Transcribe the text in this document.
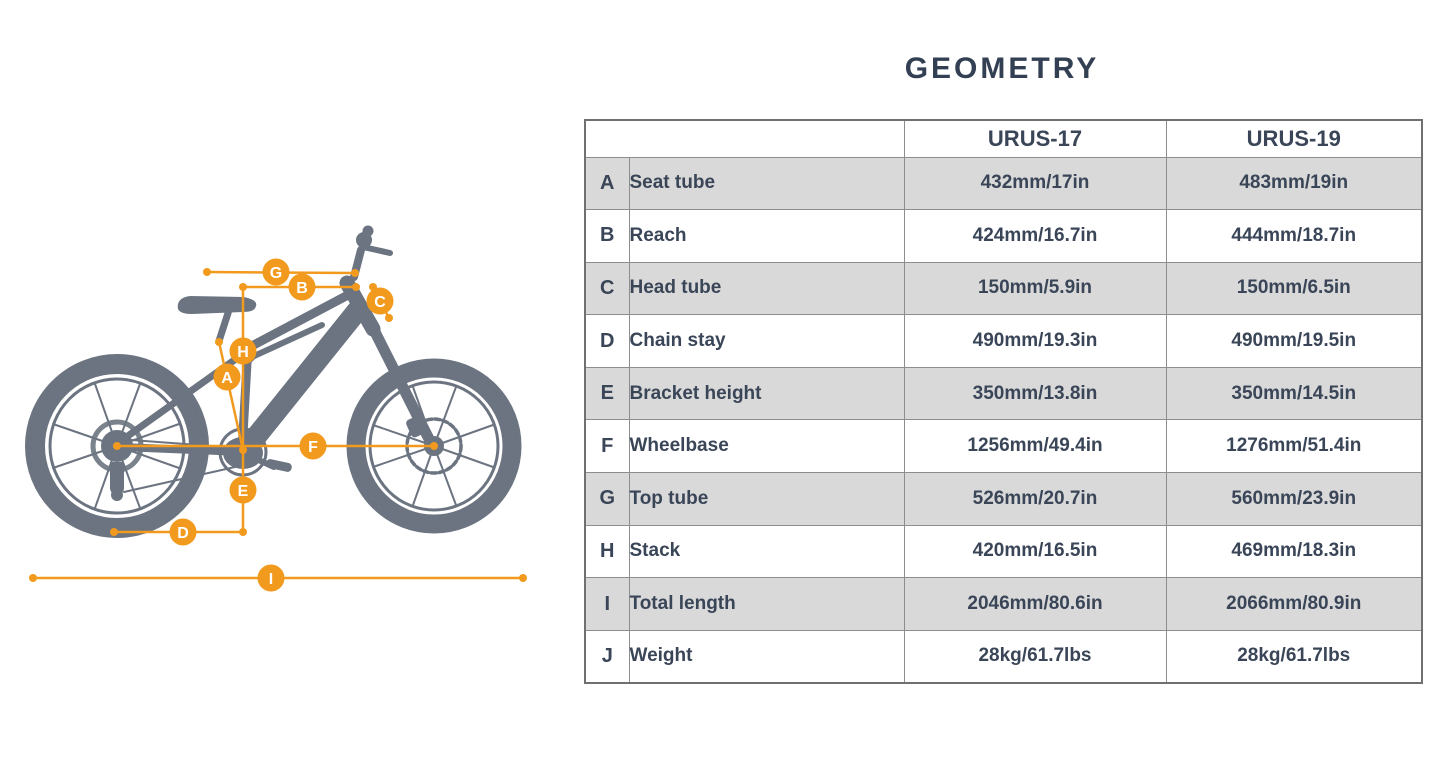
GEOMETRY
G
B
C
H
A
F
E
D
I
		URUS-17	URUS-19
A	Seat tube	432mm/17in	483mm/19in
B	Reach	424mm/16.7in	444mm/18.7in
C	Head tube	150mm/5.9in	150mm/6.5in
D	Chain stay	490mm/19.3in	490mm/19.5in
E	Bracket height	350mm/13.8in	350mm/14.5in
F	Wheelbase	1256mm/49.4in	1276mm/51.4in
G	Top tube	526mm/20.7in	560mm/23.9in
H	Stack	420mm/16.5in	469mm/18.3in
I	Total length	2046mm/80.6in	2066mm/80.9in
J	Weight	28kg/61.7lbs	28kg/61.7lbs
